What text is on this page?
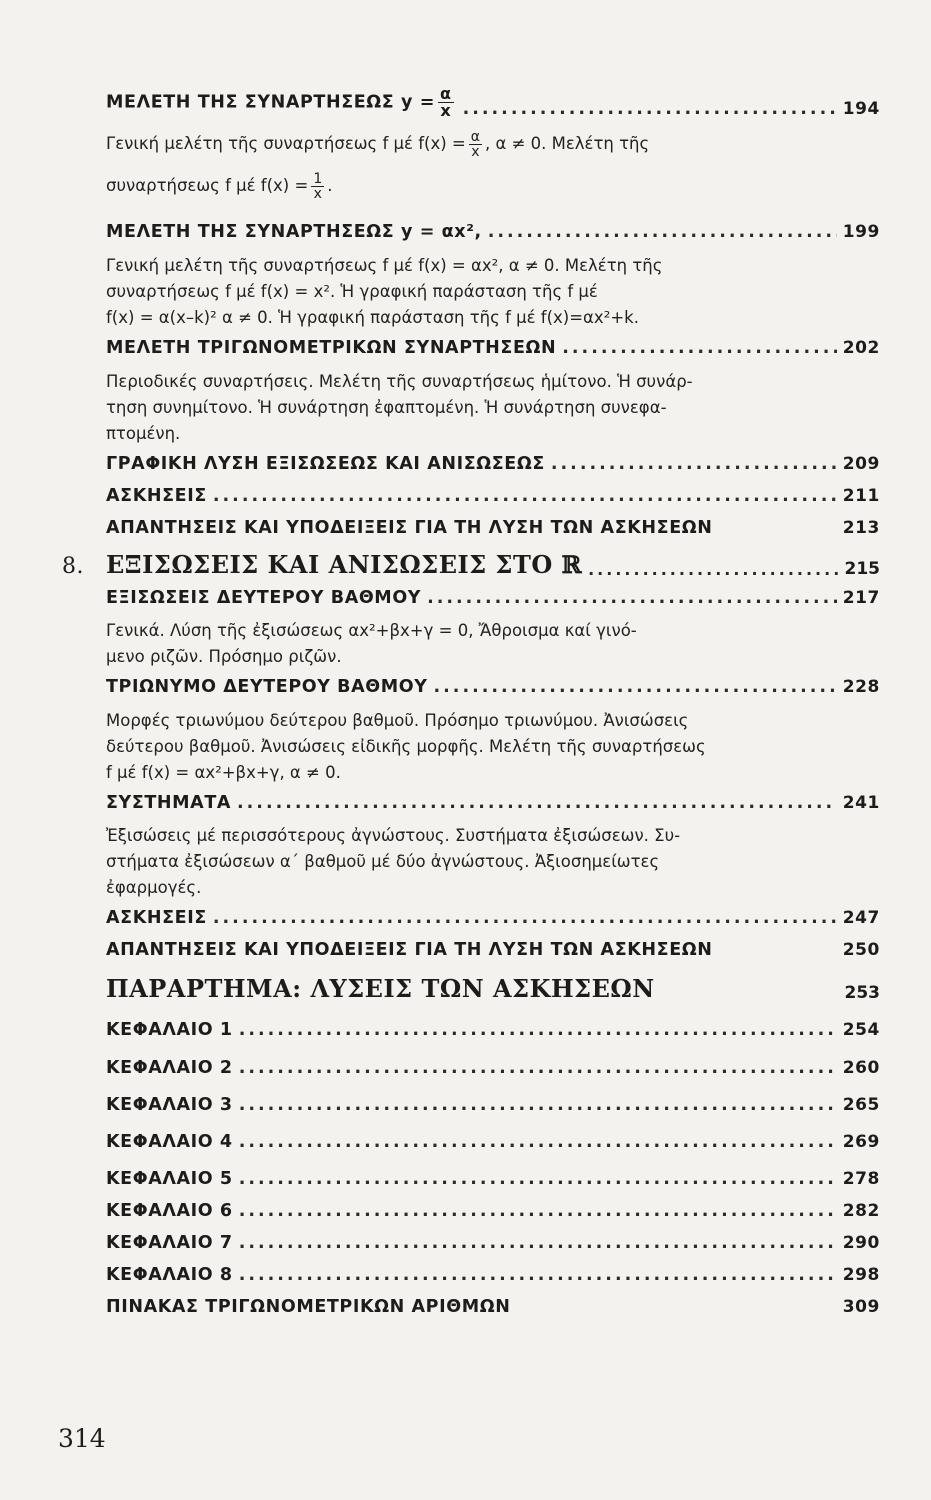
ΜΕΛΕΤΗ ΤΗΣ ΣΥΝΑΡΤΗΣΕΩΣ $y = \frac{\alpha}{x}$ .....	194
Γενική μελέτη τῆς συναρτήσεως f μέ $f(x) = \frac{\alpha}{x}$ , α ≠ 0. Μελέτη τῆς
συναρτήσεως f μέ $f(x) = \frac{1}{x}$ .
ΜΕΛΕΤΗ ΤΗΣ ΣΥΝΑΡΤΗΣΕΩΣ y = αx², .....	199
Γενική μελέτη τῆς συναρτήσεως f μέ f(x) = αx², α ≠ 0. Μελέτη τῆς
συναρτήσεως f μέ f(x) = x². Ἡ γραφική παράσταση τῆς f μέ
f(x) = α(x–k)² α ≠ 0. Ἡ γραφική παράσταση τῆς f μέ f(x)=αx²+k.
ΜΕΛΕΤΗ ΤΡΙΓΩΝΟΜΕΤΡΙΚΩΝ ΣΥΝΑΡΤΗΣΕΩΝ .....	202
Περιοδικές συναρτήσεις. Μελέτη τῆς συναρτήσεως ἡμίτονο. Ἡ συνάρ-
τηση συνημίτονο. Ἡ συνάρτηση ἐφαπτομένη. Ἡ συνάρτηση συνεφα-
πτομένη.
ΓΡΑΦΙΚΗ ΛΥΣΗ ΕΞΙΣΩΣΕΩΣ ΚΑΙ ΑΝΙΣΩΣΕΩΣ .....	209
ΑΣΚΗΣΕΙΣ .....	211
ΑΠΑΝΤΗΣΕΙΣ ΚΑΙ ΥΠΟΔΕΙΞΕΙΣ ΓΙΑ ΤΗ ΛΥΣΗ ΤΩΝ ΑΣΚΗΣΕΩΝ	213
8. ΕΞΙΣΩΣΕΙΣ ΚΑΙ ΑΝΙΣΩΣΕΙΣ ΣΤΟ ℝ .....	215
ΕΞΙΣΩΣΕΙΣ ΔΕΥΤΕΡΟΥ ΒΑΘΜΟΥ .....	217
Γενικά. Λύση τῆς ἐξισώσεως αx²+βx+γ = 0, Ἄθροισμα καί γινό-
μενο ριζῶν. Πρόσημο ριζῶν.
ΤΡΙΩΝΥΜΟ ΔΕΥΤΕΡΟΥ ΒΑΘΜΟΥ .....	228
Μορφές τριωνύμου δεύτερου βαθμοῦ. Πρόσημο τριωνύμου. Ἀνισώσεις
δεύτερου βαθμοῦ. Ἀνισώσεις εἰδικῆς μορφῆς. Μελέτη τῆς συναρτήσεως
f μέ f(x) = αx²+βx+γ, α ≠ 0.
ΣΥΣΤΗΜΑΤΑ .....	241
Ἐξισώσεις μέ περισσότερους ἀγνώστους. Συστήματα ἐξισώσεων. Συ-
στήματα ἐξισώσεων α΄ βαθμοῦ μέ δύο ἀγνώστους. Ἀξιοσημείωτες
ἐφαρμογές.
ΑΣΚΗΣΕΙΣ .....	247
ΑΠΑΝΤΗΣΕΙΣ ΚΑΙ ΥΠΟΔΕΙΞΕΙΣ ΓΙΑ ΤΗ ΛΥΣΗ ΤΩΝ ΑΣΚΗΣΕΩΝ	250
ΠΑΡΑΡΤΗΜΑ: ΛΥΣΕΙΣ ΤΩΝ ΑΣΚΗΣΕΩΝ	253
ΚΕΦΑΛΑΙΟ 1 .....	254
ΚΕΦΑΛΑΙΟ 2 .....	260
ΚΕΦΑΛΑΙΟ 3 .....	265
ΚΕΦΑΛΑΙΟ 4 .....	269
ΚΕΦΑΛΑΙΟ 5 .....	278
ΚΕΦΑΛΑΙΟ 6 .....	282
ΚΕΦΑΛΑΙΟ 7 .....	290
ΚΕΦΑΛΑΙΟ 8 .....	298
ΠΙΝΑΚΑΣ ΤΡΙΓΩΝΟΜΕΤΡΙΚΩΝ ΑΡΙΘΜΩΝ	309
314
